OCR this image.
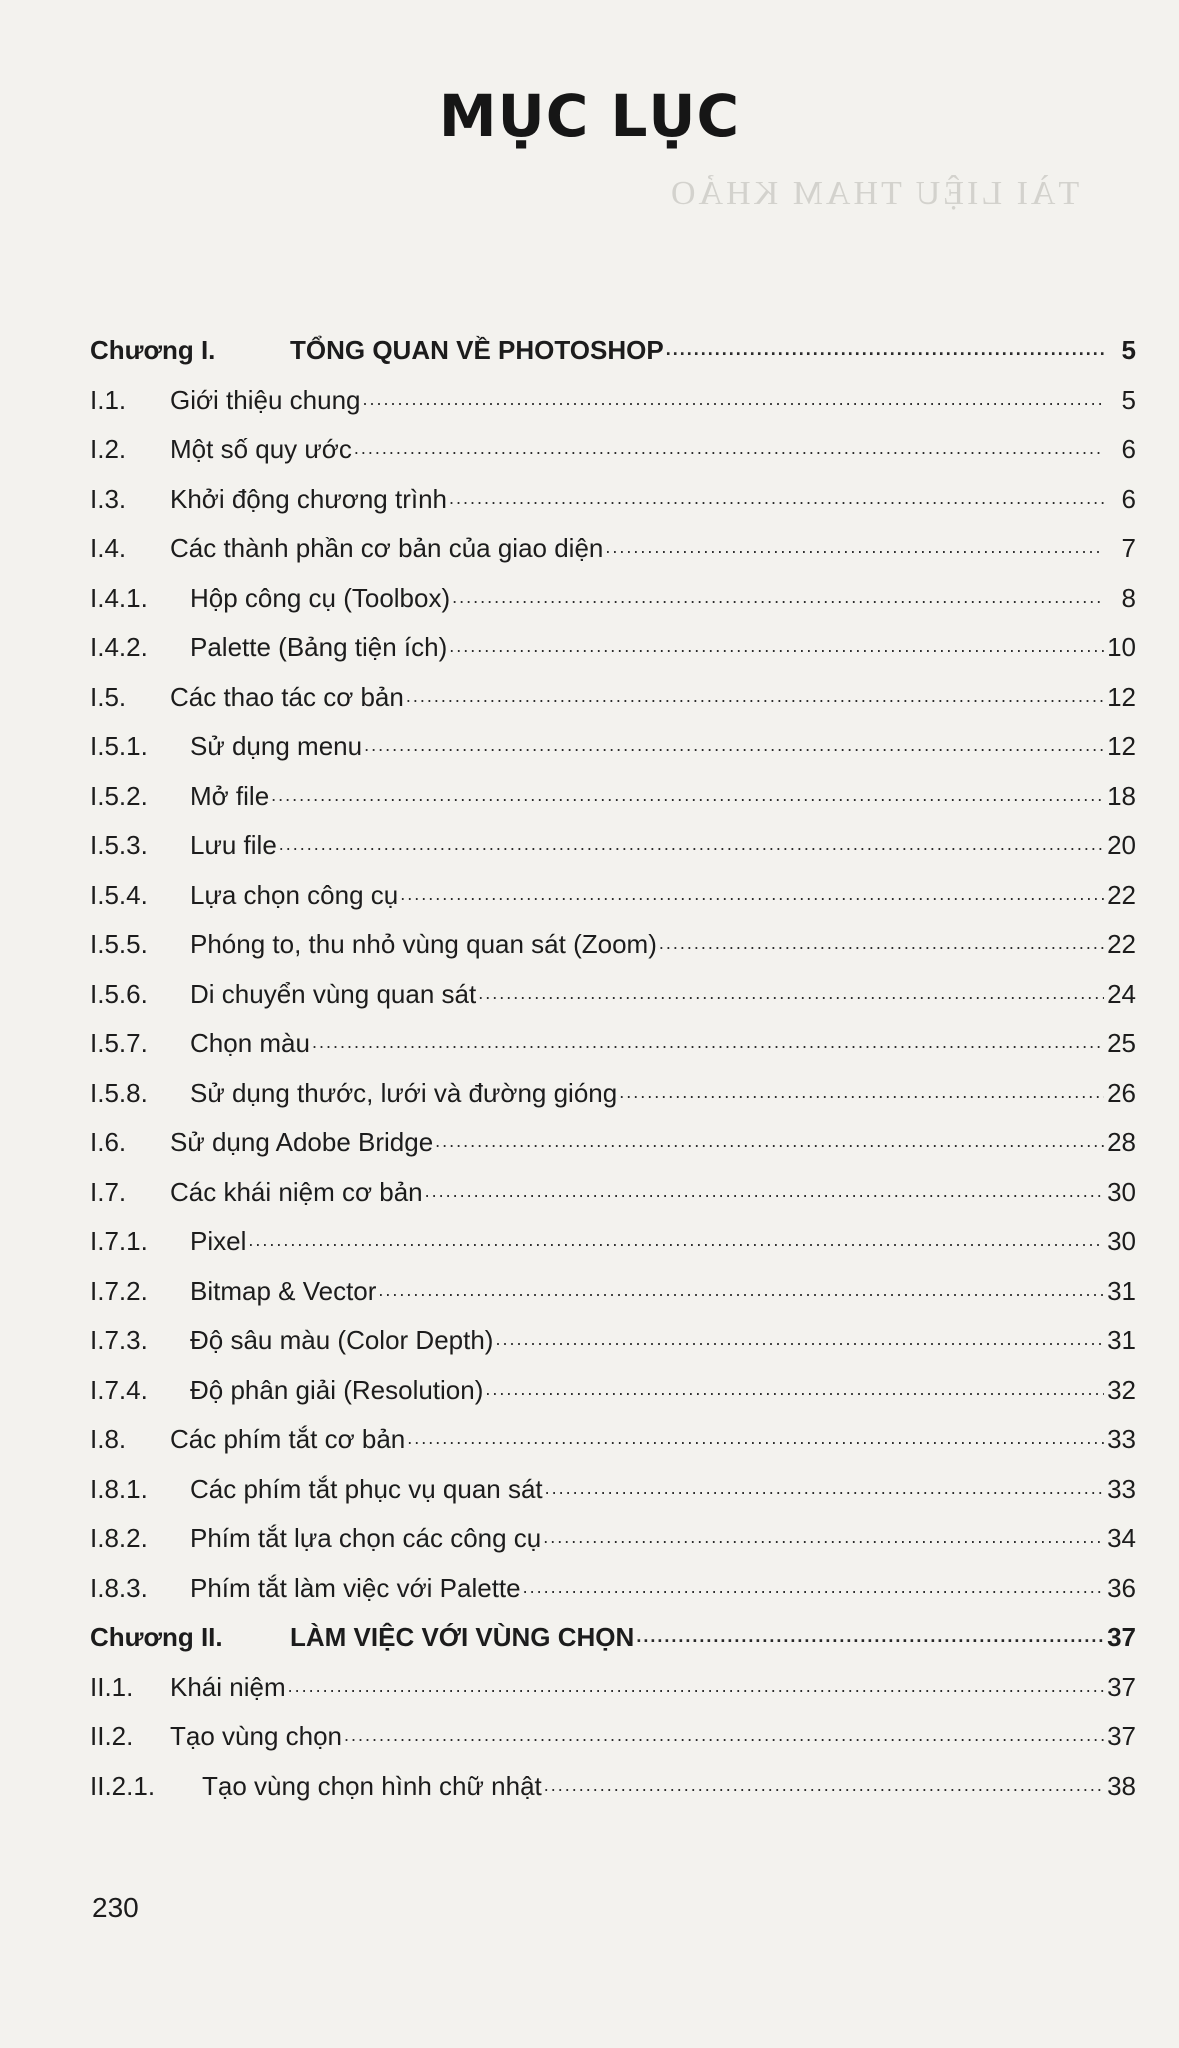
MỤC LỤC
TÀI LIỆU THAM KHẢO
Chương I.	TỔNG QUAN VỀ PHOTOSHOP .....	5
I.1.	Giới thiệu chung .....	5
I.2.	Một số quy ước .....	6
I.3.	Khởi động chương trình .....	6
I.4.	Các thành phần cơ bản của giao diện .....	7
I.4.1.	Hộp công cụ (Toolbox) .....	8
I.4.2.	Palette (Bảng tiện ích) .....	10
I.5.	Các thao tác cơ bản .....	12
I.5.1.	Sử dụng menu .....	12
I.5.2.	Mở file .....	18
I.5.3.	Lưu file .....	20
I.5.4.	Lựa chọn công cụ .....	22
I.5.5.	Phóng to, thu nhỏ vùng quan sát (Zoom) .....	22
I.5.6.	Di chuyển vùng quan sát .....	24
I.5.7.	Chọn màu .....	25
I.5.8.	Sử dụng thước, lưới và đường gióng .....	26
I.6.	Sử dụng Adobe Bridge .....	28
I.7.	Các khái niệm cơ bản .....	30
I.7.1.	Pixel .....	30
I.7.2.	Bitmap & Vector .....	31
I.7.3.	Độ sâu màu (Color Depth) .....	31
I.7.4.	Độ phân giải (Resolution) .....	32
I.8.	Các phím tắt cơ bản .....	33
I.8.1.	Các phím tắt phục vụ quan sát .....	33
I.8.2.	Phím tắt lựa chọn các công cụ .....	34
I.8.3.	Phím tắt làm việc với Palette .....	36
Chương II.	LÀM VIỆC VỚI VÙNG CHỌN .....	37
II.1.	Khái niệm .....	37
II.2.	Tạo vùng chọn .....	37
II.2.1.	Tạo vùng chọn hình chữ nhật .....	38
230
